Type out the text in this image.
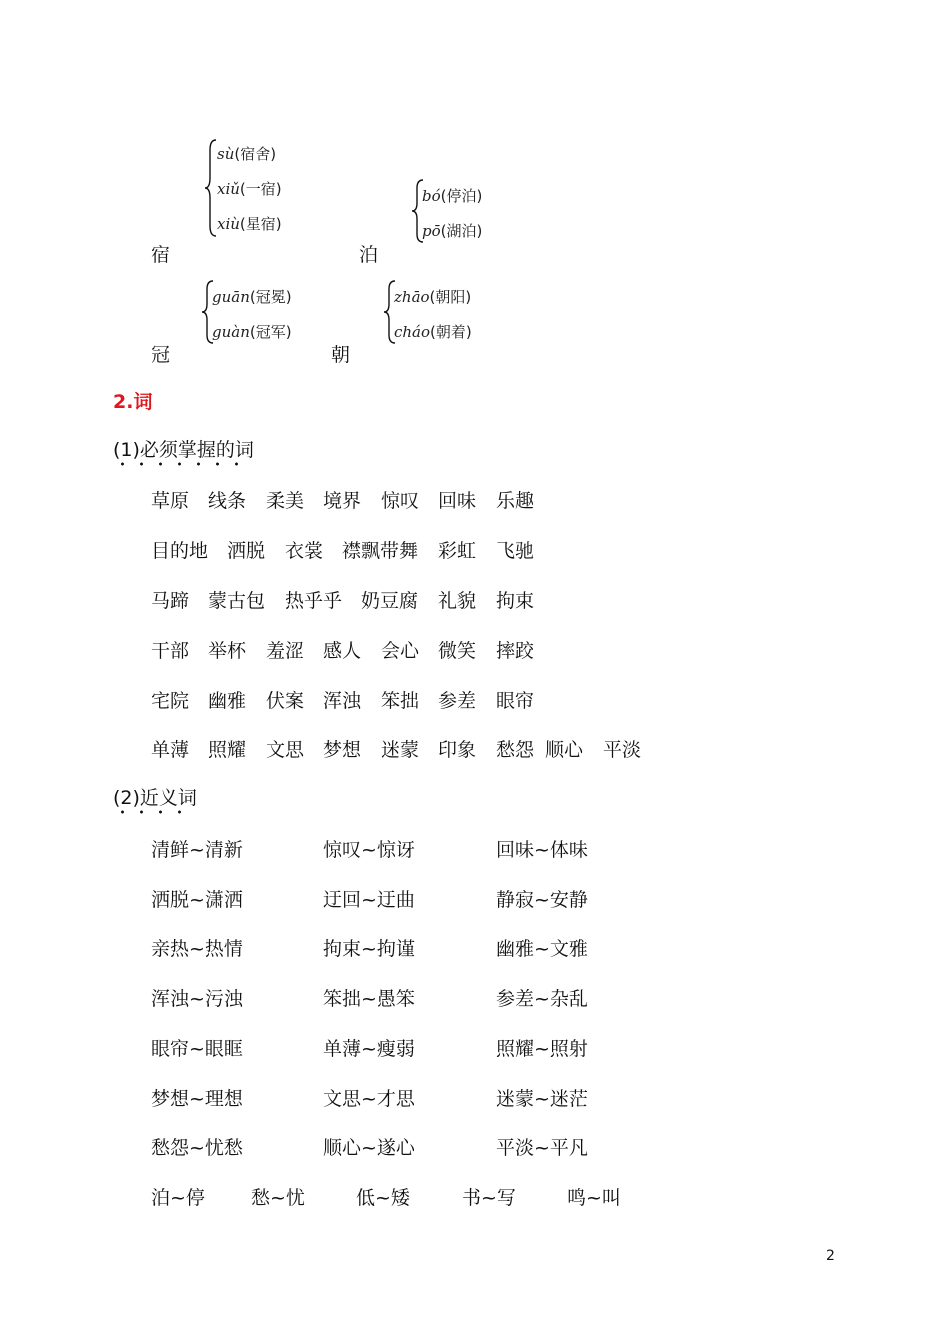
宿
sù(宿舍)
xiǔ(一宿)
xiù(星宿)
泊
bó(停泊)
pō(湖泊)
冠
guān(冠冕)
guàn(冠军)
朝
zhāo(朝阳)
cháo(朝着)
2.词
(1)必须掌握的词
草原 线条 柔美 境界 惊叹 回味 乐趣
目的地 洒脱 衣裳 襟飘带舞 彩虹 飞驰
马蹄 蒙古包 热乎乎 奶豆腐 礼貌 拘束
干部 举杯 羞涩 感人 会心 微笑 摔跤
宅院 幽雅 伏案 浑浊 笨拙 参差 眼帘
单薄 照耀 文思 梦想 迷蒙 印象 愁怨 顺心 平淡
(2)近义词
清鲜~清新	惊叹~惊讶	回味~体味
洒脱~潇洒	迂回~迂曲	静寂~安静
亲热~热情	拘束~拘谨	幽雅~文雅
浑浊~污浊	笨拙~愚笨	参差~杂乱
眼帘~眼眶	单薄~瘦弱	照耀~照射
梦想~理想	文思~才思	迷蒙~迷茫
愁怨~忧愁	顺心~遂心	平淡~平凡
泊~停 愁~忧	低~矮	书~写	鸣~叫
2
